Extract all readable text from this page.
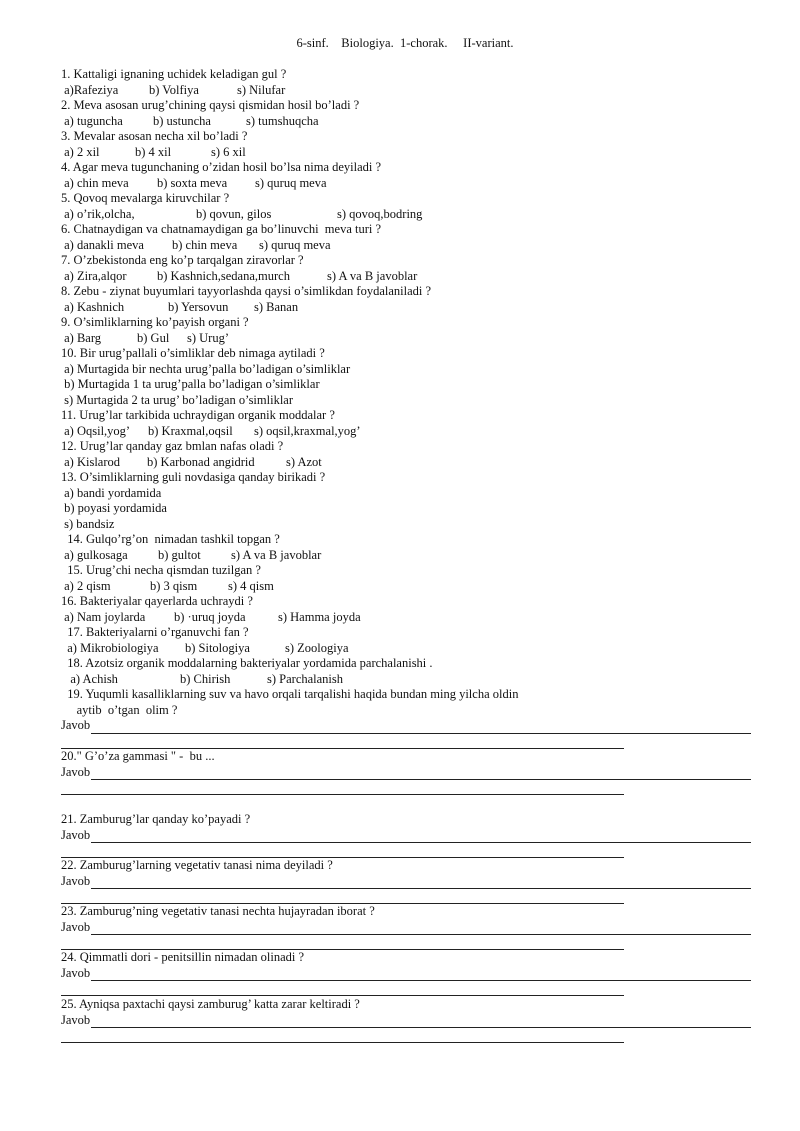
6-sinf.    Biologiya.  1-chorak.     II-variant.
1. Kattaligi ignaning uchidek keladigan gul ?
a)Rafeziya b) Volfiya	s) Nilufar
2. Meva asosan urug’chining qaysi qismidan hosil bo’ladi ?
a) tuguncha b) ustuncha	s) tumshuqcha
3. Mevalar asosan necha xil bo’ladi ?
a) 2 xil	b) 4 xil	s) 6 xil
4. Agar meva tugunchaning o’zidan hosil bo’lsa nima deyiladi ?
a) chin meva b) soxta meva s) quruq meva
5. Qovoq mevalarga kiruvchilar ?
a) o’rik,olcha,	b) qovun, gilos	s) qovoq,bodring
6. Chatnaydigan va chatnamaydigan ga bo’linuvchi  meva turi ?
a) danakli meva b) chin meva s) quruq meva
7. O’zbekistonda eng ko’p tarqalgan ziravorlar ?
a) Zira,alqor b) Kashnich,sedana,murch	s) A va B javoblar
8. Zebu - ziynat buyumlari tayyorlashda qaysi o’simlikdan foydalaniladi ?
a) Kashnich	b) Yersovun s) Banan
9. O’simliklarning ko’payish organi ?
a) Barg	b) Gul s) Urug’
10. Bir urug’pallali o’simliklar deb nimaga aytiladi ?
a) Murtagida bir nechta urug’palla bo’ladigan o’simliklar
b) Murtagida 1 ta urug’palla bo’ladigan o’simliklar
s) Murtagida 2 ta urug’ bo’ladigan o’simliklar
11. Urug’lar tarkibida uchraydigan organik moddalar ?
a) Oqsil,yog’ b) Kraxmal,oqsil s) oqsil,kraxmal,yog’
12. Urug’lar qanday gaz bmlan nafas oladi ?
a) Kislarod b) Karbonad angidrid	s) Azot
13. O’simliklarning guli novdasiga qanday birikadi ?
a) bandi yordamida
b) poyasi yordamida
s) bandsiz
14. Gulqo’rg’on  nimadan tashkil topgan ?
a) gulkosaga b) gultot s) A va B javoblar
15. Urug’chi necha qismdan tuzilgan ?
a) 2 qism	b) 3 qism s) 4 qism
16. Bakteriyalar qayerlarda uchraydi ?
a) Nam joylarda b) ·uruq joyda	s) Hamma joyda
17. Bakteriyalarni o’rganuvchi fan ?
a) Mikrobiologiya b) Sitologiya	s) Zoologiya
18. Azotsiz organik moddalarning bakteriyalar yordamida parchalanishi .
a) Achish	b) Chirish	s) Parchalanish
19. Yuqumli kasalliklarning suv va havo orqali tarqalishi haqida bundan ming yilcha oldin
aytib  o’tgan  olim ?
Javob
20." G’o’za gammasi " -  bu ...
Javob
21. Zamburug’lar qanday ko’payadi ?
Javob
22. Zamburug’larning vegetativ tanasi nima deyiladi ?
Javob
23. Zamburug’ning vegetativ tanasi nechta hujayradan iborat ?
Javob
24. Qimmatli dori - penitsillin nimadan olinadi ?
Javob
25. Ayniqsa paxtachi qaysi zamburug’ katta zarar keltiradi ?
Javob
